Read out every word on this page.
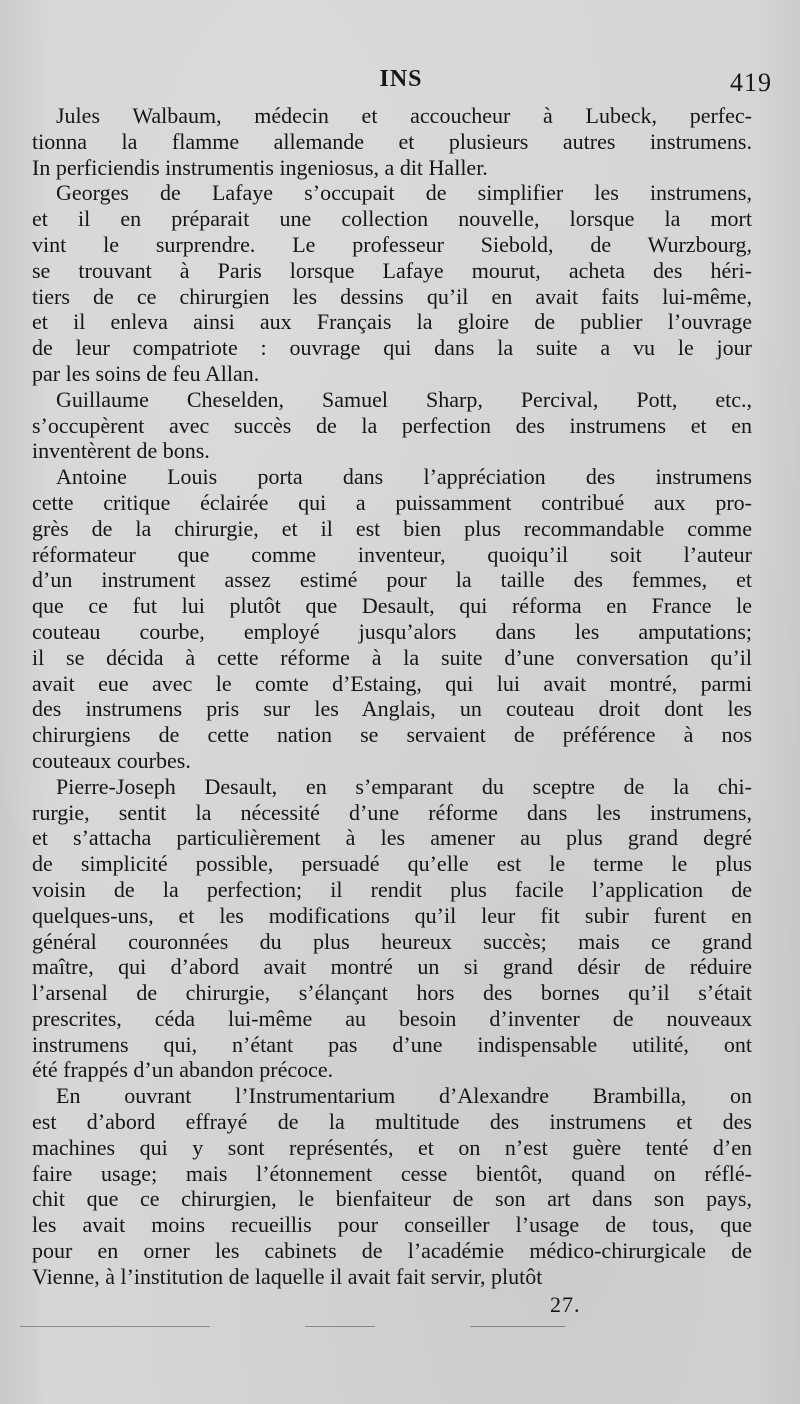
INS	419
Jules Walbaum, médecin et accoucheur à Lubeck, perfec-
tionna la flamme allemande et plusieurs autres instrumens.
In perficiendis instrumentis ingeniosus, a dit Haller.
Georges de Lafaye s’occupait de simplifier les instrumens,
et il en préparait une collection nouvelle, lorsque la mort
vint le surprendre. Le professeur Siebold, de Wurzbourg,
se trouvant à Paris lorsque Lafaye mourut, acheta des héri-
tiers de ce chirurgien les dessins qu’il en avait faits lui-même,
et il enleva ainsi aux Français la gloire de publier l’ouvrage
de leur compatriote : ouvrage qui dans la suite a vu le jour
par les soins de feu Allan.
Guillaume Cheselden, Samuel Sharp, Percival, Pott, etc.,
s’occupèrent avec succès de la perfection des instrumens et en
inventèrent de bons.
Antoine Louis porta dans l’appréciation des instrumens
cette critique éclairée qui a puissamment contribué aux pro-
grès de la chirurgie, et il est bien plus recommandable comme
réformateur que comme inventeur, quoiqu’il soit l’auteur
d’un instrument assez estimé pour la taille des femmes, et
que ce fut lui plutôt que Desault, qui réforma en France le
couteau courbe, employé jusqu’alors dans les amputations;
il se décida à cette réforme à la suite d’une conversation qu’il
avait eue avec le comte d’Estaing, qui lui avait montré, parmi
des instrumens pris sur les Anglais, un couteau droit dont les
chirurgiens de cette nation se servaient de préférence à nos
couteaux courbes.
Pierre-Joseph Desault, en s’emparant du sceptre de la chi-
rurgie, sentit la nécessité d’une réforme dans les instrumens,
et s’attacha particulièrement à les amener au plus grand degré
de simplicité possible, persuadé qu’elle est le terme le plus
voisin de la perfection; il rendit plus facile l’application de
quelques-uns, et les modifications qu’il leur fit subir furent en
général couronnées du plus heureux succès; mais ce grand
maître, qui d’abord avait montré un si grand désir de réduire
l’arsenal de chirurgie, s’élançant hors des bornes qu’il s’était
prescrites, céda lui-même au besoin d’inventer de nouveaux
instrumens qui, n’étant pas d’une indispensable utilité, ont
été frappés d’un abandon précoce.
En ouvrant l’Instrumentarium d’Alexandre Brambilla, on
est d’abord effrayé de la multitude des instrumens et des
machines qui y sont représentés, et on n’est guère tenté d’en
faire usage; mais l’étonnement cesse bientôt, quand on réflé-
chit que ce chirurgien, le bienfaiteur de son art dans son pays,
les avait moins recueillis pour conseiller l’usage de tous, que
pour en orner les cabinets de l’académie médico-chirurgicale de
Vienne, à l’institution de laquelle il avait fait servir, plutôt
27.
